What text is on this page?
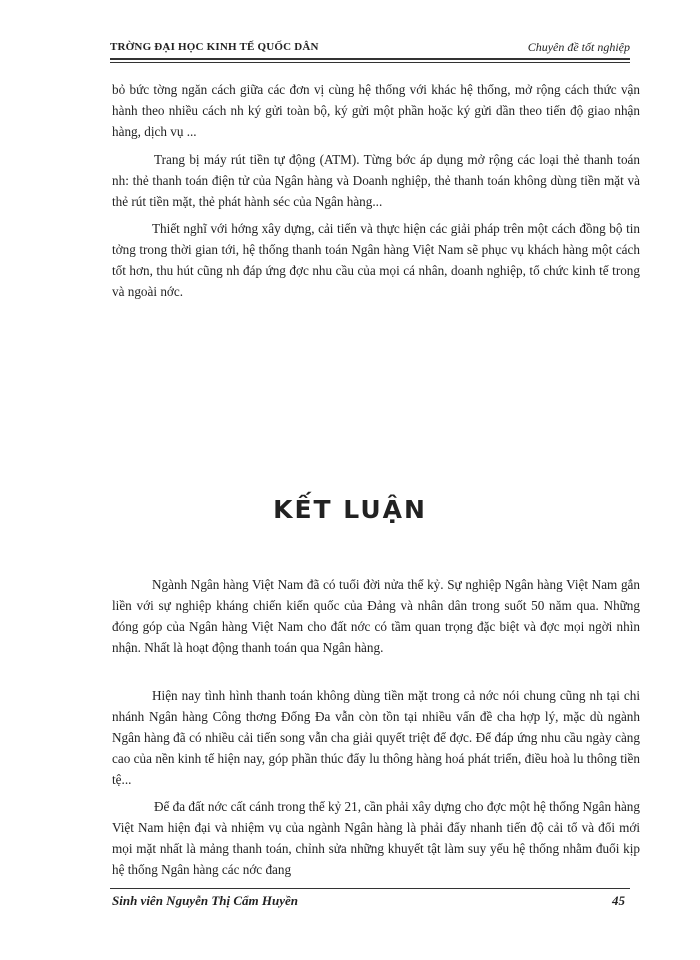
TRỜNG ĐẠI HỌC KINH TẾ QUỐC DÂN	Chuyên đề tốt nghiệp

bỏ bức tờng ngăn cách giữa các đơn vị cùng hệ thống với khác hệ thống, mở rộng cách thức vận hành theo nhiều cách nh ký gửi toàn bộ, ký gửi một phần hoặc ký gửi dần theo tiến độ giao nhận hàng, dịch vụ ...

Trang bị máy rút tiền tự động (ATM). Từng bớc áp dụng mở rộng các loại thẻ thanh toán nh: thẻ thanh toán điện tử của Ngân hàng và Doanh nghiệp, thẻ thanh toán không dùng tiền mặt và thẻ rút tiền mặt, thẻ phát hành séc của Ngân hàng...

Thiết nghĩ với hớng xây dựng, cải tiến và thực hiện các giải pháp trên một cách đồng bộ tin tởng trong thời gian tới, hệ thống thanh toán Ngân hàng Việt Nam sẽ phục vụ khách hàng một cách tốt hơn, thu hút cũng nh đáp ứng đợc nhu cầu của mọi cá nhân, doanh nghiệp, tổ chức kinh tế trong và ngoài nớc.

KẾT LUẬN

Ngành Ngân hàng Việt Nam đã có tuổi đời nửa thế kỷ. Sự nghiệp Ngân hàng Việt Nam gắn liền với sự nghiệp kháng chiến kiến quốc của Đảng và nhân dân trong suốt 50 năm qua. Những đóng góp của Ngân hàng Việt Nam cho đất nớc có tầm quan trọng đặc biệt và đợc mọi ngời nhìn nhận. Nhất là hoạt động thanh toán qua Ngân hàng.

Hiện nay tình hình thanh toán không dùng tiền mặt trong cả nớc nói chung cũng nh tại chi nhánh Ngân hàng Công thơng Đống Đa vẫn còn tồn tại nhiều vấn đề cha hợp lý, mặc dù ngành Ngân hàng đã có nhiều cải tiến song vẫn cha giải quyết triệt để đợc. Để đáp ứng nhu cầu ngày càng cao của nền kinh tế hiện nay, góp phần thúc đẩy lu thông hàng hoá phát triển, điều hoà lu thông tiền tệ...

Để đa đất nớc cất cánh trong thế kỷ 21, cần phải xây dựng cho đợc một hệ thống Ngân hàng Việt Nam hiện đại và nhiệm vụ của ngành Ngân hàng là phải đẩy nhanh tiến độ cải tổ và đổi mới mọi mặt nhất là mảng thanh toán, chỉnh sửa những khuyết tật làm suy yếu hệ thống nhằm đuổi kịp hệ thống Ngân hàng các nớc đang

Sinh viên Nguyễn Thị Cẩm Huyền	45
